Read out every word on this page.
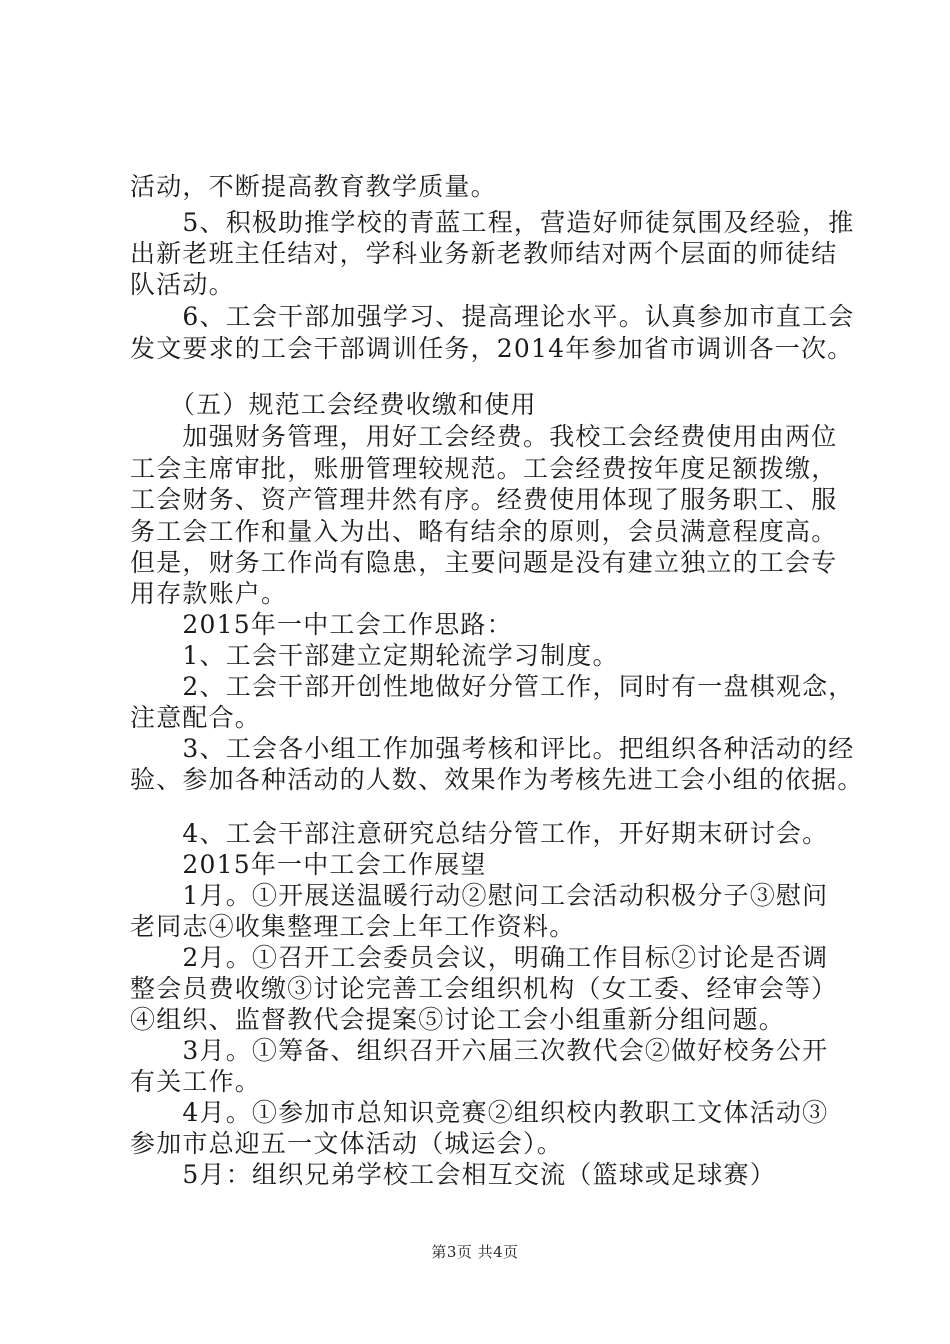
活动，不断提高教育教学质量。
　　5、积极助推学校的青蓝工程，营造好师徒氛围及经验，推
出新老班主任结对，学科业务新老教师结对两个层面的师徒结
队活动。
　　6、工会干部加强学习、提高理论水平。认真参加市直工会
发文要求的工会干部调训任务，2014年参加省市调训各一次。
　　（五）规范工会经费收缴和使用
　　加强财务管理，用好工会经费。我校工会经费使用由两位
工会主席审批，账册管理较规范。工会经费按年度足额拨缴，
工会财务、资产管理井然有序。经费使用体现了服务职工、服
务工会工作和量入为出、略有结余的原则，会员满意程度高。
但是，财务工作尚有隐患，主要问题是没有建立独立的工会专
用存款账户。
　　2015年一中工会工作思路：
　　1、工会干部建立定期轮流学习制度。
　　2、工会干部开创性地做好分管工作，同时有一盘棋观念，
注意配合。
　　3、工会各小组工作加强考核和评比。把组织各种活动的经
验、参加各种活动的人数、效果作为考核先进工会小组的依据。
　　4、工会干部注意研究总结分管工作，开好期末研讨会。
　　2015年一中工会工作展望
　　1月。①开展送温暖行动②慰问工会活动积极分子③慰问
老同志④收集整理工会上年工作资料。
　　2月。①召开工会委员会议，明确工作目标②讨论是否调
整会员费收缴③讨论完善工会组织机构（女工委、经审会等）
④组织、监督教代会提案⑤讨论工会小组重新分组问题。
　　3月。①筹备、组织召开六届三次教代会②做好校务公开
有关工作。
　　4月。①参加市总知识竞赛②组织校内教职工文体活动③
参加市总迎五一文体活动（城运会）。
　　5月：组织兄弟学校工会相互交流（篮球或足球赛）
第3页 共4页
